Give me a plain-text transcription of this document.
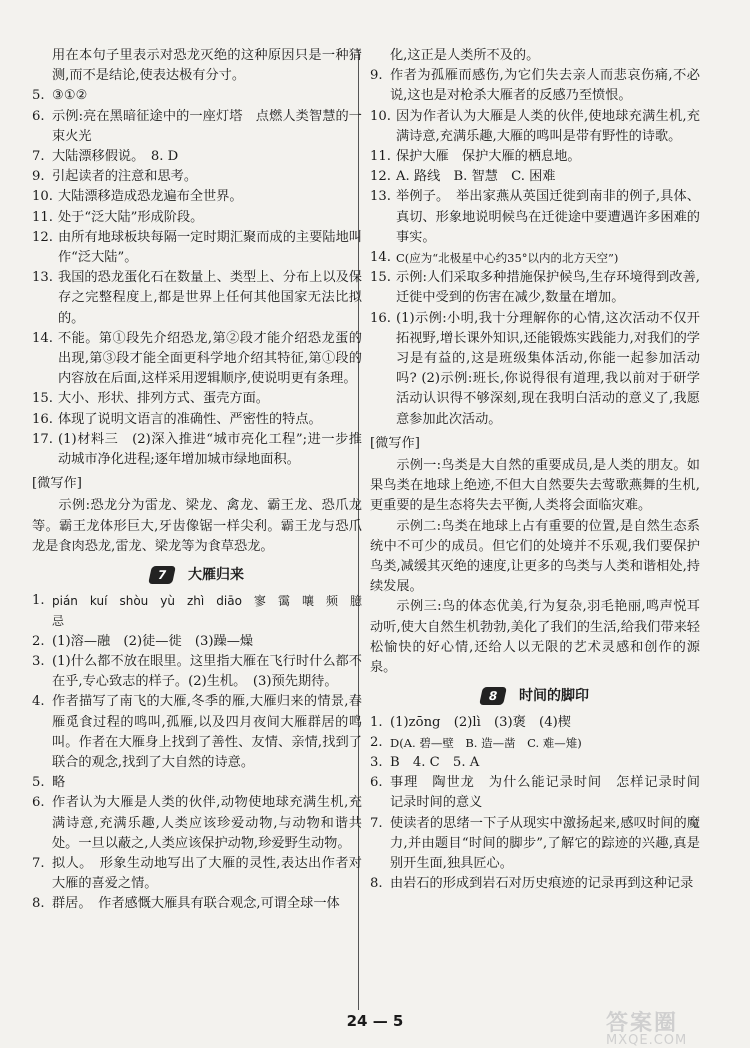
用在本句子里表示对恐龙灭绝的这种原因只是一种猜测,而不是结论,使表达极有分寸。
5. ③①②
6. 示例:亮在黑暗征途中的一座灯塔　点燃人类智慧的一束火光
7. 大陆漂移假说。　8. D
9. 引起读者的注意和思考。
10. 大陆漂移造成恐龙遍布全世界。
11. 处于“泛大陆”形成阶段。
12. 由所有地球板块每隔一定时期汇聚而成的主要陆地叫作“泛大陆”。
13. 我国的恐龙蛋化石在数量上、类型上、分布上以及保存之完整程度上,都是世界上任何其他国家无法比拟的。
14. 不能。第①段先介绍恐龙,第②段才能介绍恐龙蛋的出现,第③段才能全面更科学地介绍其特征,第①段的内容放在后面,这样采用逻辑顺序,使说明更有条理。
15. 大小、形状、排列方式、蛋壳方面。
16. 体现了说明文语言的准确性、严密性的特点。
17. (1)材料三　(2)深入推进“城市亮化工程”;进一步推动城市净化进程;逐年增加城市绿地面积。
[微写作]
示例:恐龙分为雷龙、梁龙、禽龙、霸王龙、恐爪龙等。霸王龙体形巨大,牙齿像锯一样尖利。霸王龙与恐爪龙是食肉恐龙,雷龙、梁龙等为食草恐龙。
7	大雁归来
1. pián　kuí　shòu　yù　zhì　diāo　寥　霭　嚷　频　臆　忌
2. (1)溶—融　(2)徒—徙　(3)躁—燥
3. (1)什么都不放在眼里。这里指大雁在飞行时什么都不在乎,专心致志的样子。(2)生机。　(3)预先期待。
4. 作者描写了南飞的大雁,冬季的雁,大雁归来的情景,春雁觅食过程的鸣叫,孤雁,以及四月夜间大雁群居的鸣叫。作者在大雁身上找到了善性、友情、亲情,找到了联合的观念,找到了大自然的诗意。
5. 略
6. 作者认为大雁是人类的伙伴,动物使地球充满生机,充满诗意,充满乐趣,人类应该珍爱动物,与动物和谐共处。一旦以蔽之,人类应该保护动物,珍爱野生动物。
7. 拟人。　形象生动地写出了大雁的灵性,表达出作者对大雁的喜爱之情。
8. 群居。　作者感慨大雁具有联合观念,可谓全球一体
化,这正是人类所不及的。
9. 作者为孤雁而感伤,为它们失去亲人而悲哀伤痛,不必说,这也是对枪杀大雁者的反感乃至愤恨。
10. 因为作者认为大雁是人类的伙伴,使地球充满生机,充满诗意,充满乐趣,大雁的鸣叫是带有野性的诗歌。
11. 保护大雁　保护大雁的栖息地。
12. A. 路线　B. 智慧　C. 困难
13. 举例子。　举出家燕从英国迁徙到南非的例子,具体、真切、形象地说明候鸟在迁徙途中要遭遇许多困难的事实。
14. C(应为“北极星中心约35°以内的北方天空”)
15. 示例:人们采取多种措施保护候鸟,生存环境得到改善,迁徙中受到的伤害在减少,数量在增加。
16. (1)示例:小明,我十分理解你的心情,这次活动不仅开拓视野,增长课外知识,还能锻炼实践能力,对我们的学习是有益的,这是班级集体活动,你能一起参加活动吗? (2)示例:班长,你说得很有道理,我以前对于研学活动认识得不够深刻,现在我明白活动的意义了,我愿意参加此次活动。
[微写作]
示例一:鸟类是大自然的重要成员,是人类的朋友。如果鸟类在地球上绝迹,不但大自然要失去莺歌燕舞的生机,更重要的是生态将失去平衡,人类将会面临灾难。
示例二:鸟类在地球上占有重要的位置,是自然生态系统中不可少的成员。但它们的处境并不乐观,我们要保护鸟类,减缓其灭绝的速度,让更多的鸟类与人类和谐相处,持续发展。
示例三:鸟的体态优美,行为复杂,羽毛艳丽,鸣声悦耳动听,使大自然生机勃勃,美化了我们的生活,给我们带来轻松愉快的好心情,还给人以无限的艺术灵感和创作的源泉。
8	时间的脚印
1. (1)zōng　(2)lì　(3)褒　(4)楔
2. D(A. 碧—壁　B. 造—凿　C. 难—雉)
3. B　4. C　5. A
6. 事理　陶世龙　为什么能记录时间　怎样记录时间　记录时间的意义
7. 使读者的思绪一下子从现实中激扬起来,感叹时间的魔力,并由题目“时间的脚步”,了解它的踪迹的兴趣,真是别开生面,独具匠心。
8. 由岩石的形成到岩石对历史痕迹的记录再到这种记录
24 — 5	答案圈
MXQE.COM
